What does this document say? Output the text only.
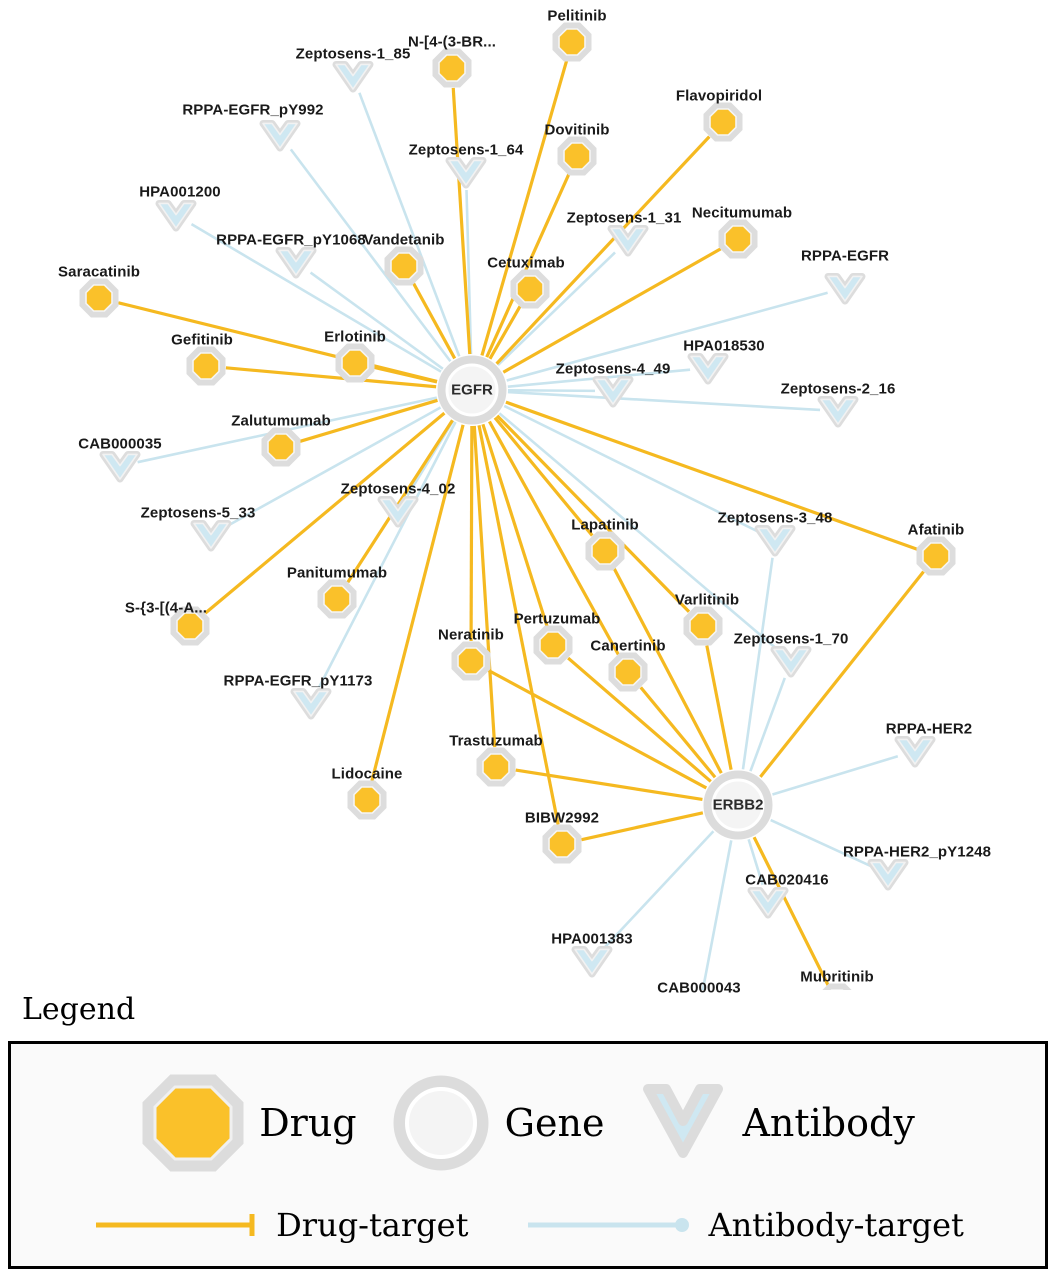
Zeptosens-1_85
RPPA-EGFR_pY992
Zeptosens-1_64
HPA001200
Zeptosens-1_31
RPPA-EGFR_pY1068
RPPA-EGFR
HPA018530
Zeptosens-4_49
Zeptosens-2_16
CAB000035
Zeptosens-4_02
Zeptosens-5_33	Zeptosens-3_48
Zeptosens-1_70
RPPA-EGFR_pY1173
RPPA-HER2
RPPA-HER2_pY1248
CAB020416
HPA001383
CAB000043
Pelitinib
N-[4-(3-BR...
Flavopiridol
Dovitinib
Necitumumab
Vandetanib
Cetuximab
Saracatinib
Gefitinib	Erlotinib
Zalutumumab
Afatinib
Lapatinib
Varlitinib
Pertuzumab
Neratinib
Canertinib
Panitumumab
S-{3-[(4-A...
Trastuzumab
Lidocaine
BIBW2992
Mubritinib
EGFR
ERBB2
Legend
Drug	Gene	Antibody
Drug-target	Antibody-target
